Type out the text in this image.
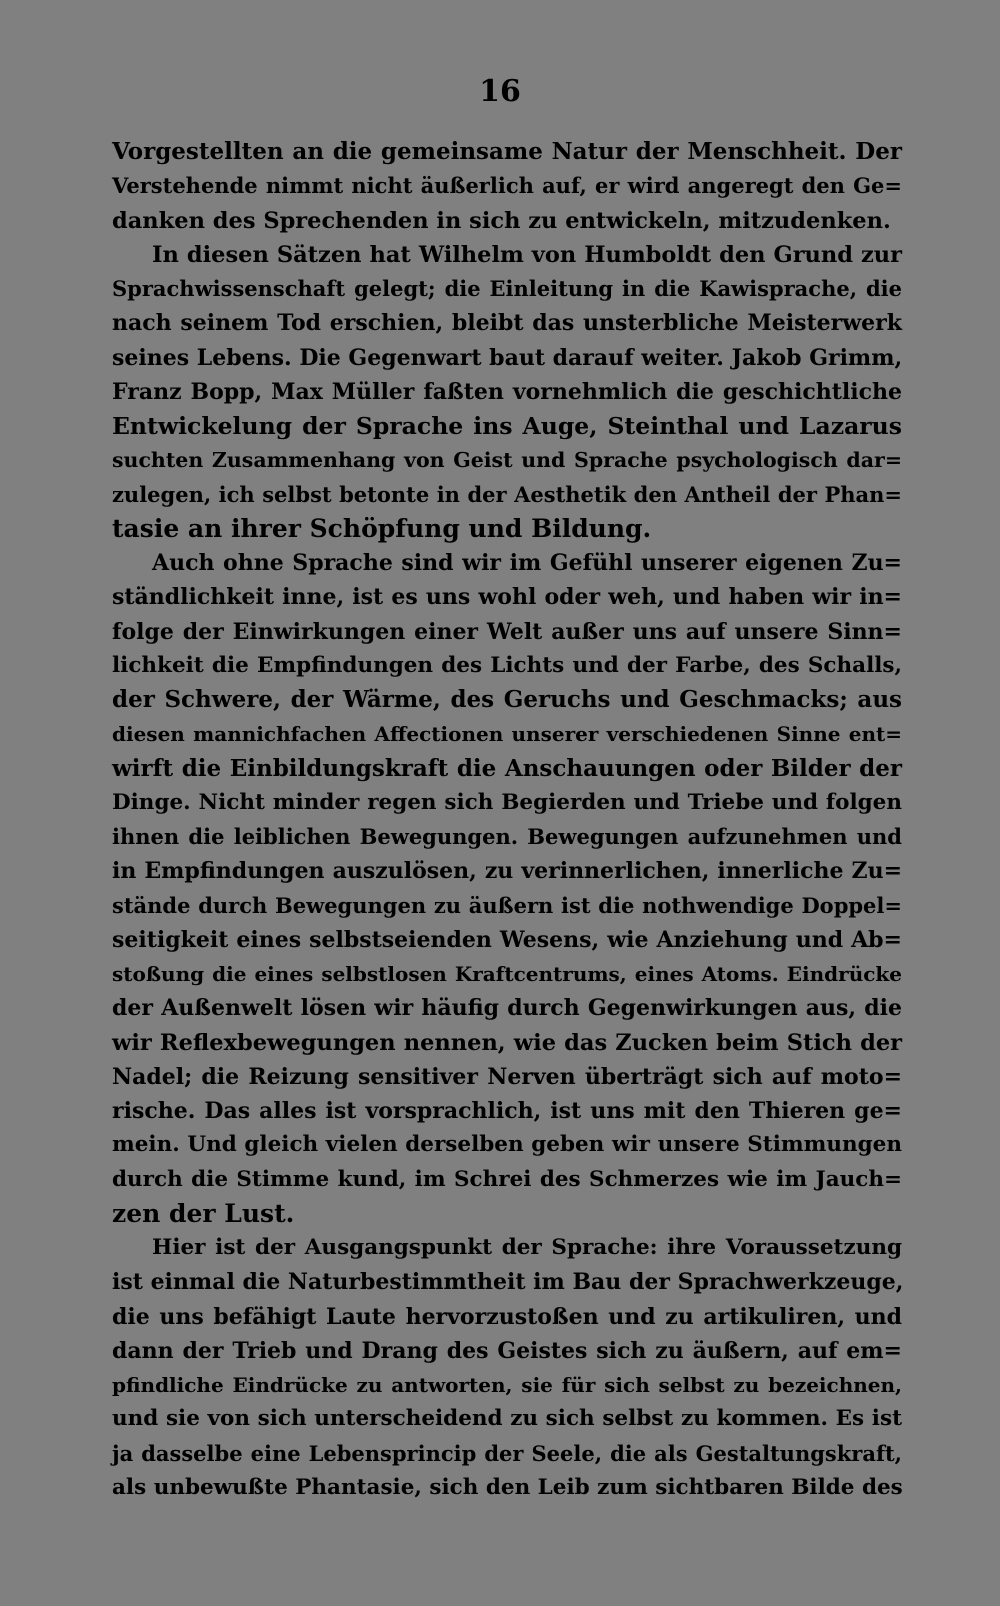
16
Vorgestellten an die gemeinsame Natur der Menschheit. Der
Verstehende nimmt nicht äußerlich auf, er wird angeregt den Ge=
danken des Sprechenden in sich zu entwickeln, mitzudenken.
In diesen Sätzen hat Wilhelm von Humboldt den Grund zur
Sprachwissenschaft gelegt; die Einleitung in die Kawisprache, die
nach seinem Tod erschien, bleibt das unsterbliche Meisterwerk
seines Lebens. Die Gegenwart baut darauf weiter. Jakob Grimm,
Franz Bopp, Max Müller faßten vornehmlich die geschichtliche
Entwickelung der Sprache ins Auge, Steinthal und Lazarus
suchten Zusammenhang von Geist und Sprache psychologisch dar=
zulegen, ich selbst betonte in der Aesthetik den Antheil der Phan=
tasie an ihrer Schöpfung und Bildung.
Auch ohne Sprache sind wir im Gefühl unserer eigenen Zu=
ständlichkeit inne, ist es uns wohl oder weh, und haben wir in=
folge der Einwirkungen einer Welt außer uns auf unsere Sinn=
lichkeit die Empfindungen des Lichts und der Farbe, des Schalls,
der Schwere, der Wärme, des Geruchs und Geschmacks; aus
diesen mannichfachen Affectionen unserer verschiedenen Sinne ent=
wirft die Einbildungskraft die Anschauungen oder Bilder der
Dinge. Nicht minder regen sich Begierden und Triebe und folgen
ihnen die leiblichen Bewegungen. Bewegungen aufzunehmen und
in Empfindungen auszulösen, zu verinnerlichen, innerliche Zu=
stände durch Bewegungen zu äußern ist die nothwendige Doppel=
seitigkeit eines selbstseienden Wesens, wie Anziehung und Ab=
stoßung die eines selbstlosen Kraftcentrums, eines Atoms. Eindrücke
der Außenwelt lösen wir häufig durch Gegenwirkungen aus, die
wir Reflexbewegungen nennen, wie das Zucken beim Stich der
Nadel; die Reizung sensitiver Nerven überträgt sich auf moto=
rische. Das alles ist vorsprachlich, ist uns mit den Thieren ge=
mein. Und gleich vielen derselben geben wir unsere Stimmungen
durch die Stimme kund, im Schrei des Schmerzes wie im Jauch=
zen der Lust.
Hier ist der Ausgangspunkt der Sprache: ihre Voraussetzung
ist einmal die Naturbestimmtheit im Bau der Sprachwerkzeuge,
die uns befähigt Laute hervorzustoßen und zu artikuliren, und
dann der Trieb und Drang des Geistes sich zu äußern, auf em=
pfindliche Eindrücke zu antworten, sie für sich selbst zu bezeichnen,
und sie von sich unterscheidend zu sich selbst zu kommen. Es ist
ja dasselbe eine Lebensprincip der Seele, die als Gestaltungskraft,
als unbewußte Phantasie, sich den Leib zum sichtbaren Bilde des
